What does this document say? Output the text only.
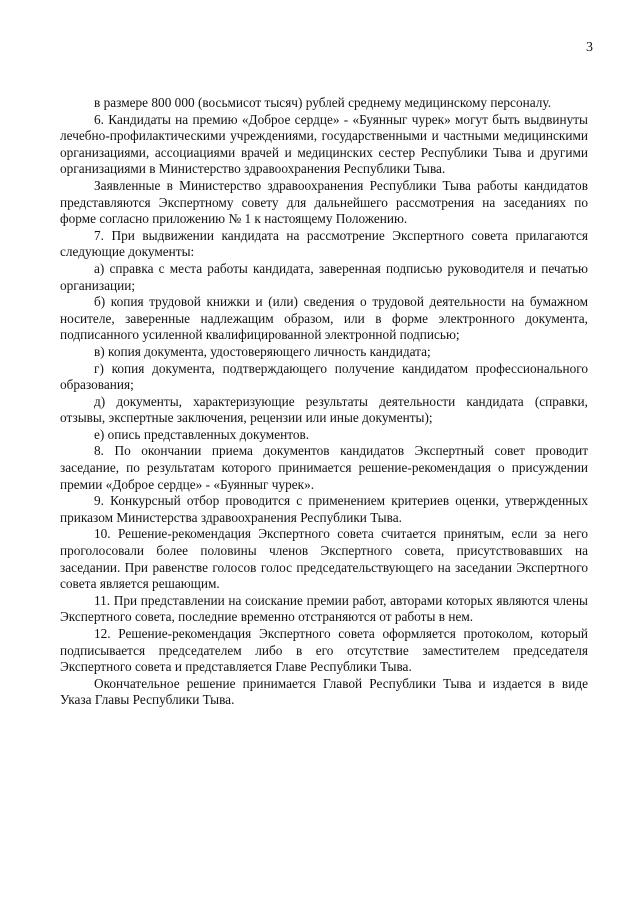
3

в размере 800 000 (восьмисот тысяч) рублей среднему медицинскому персоналу.

6. Кандидаты на премию «Доброе сердце» - «Буянныг чурек» могут быть выдвинуты лечебно-профилактическими учреждениями, государственными и частными медицинскими организациями, ассоциациями врачей и медицинских сестер Республики Тыва и другими организациями в Министерство здравоохранения Республики Тыва.

Заявленные в Министерство здравоохранения Республики Тыва работы кандидатов представляются Экспертному совету для дальнейшего рассмотрения на заседаниях по форме согласно приложению № 1 к настоящему Положению.

7. При выдвижении кандидата на рассмотрение Экспертного совета прилагаются следующие документы:

а) справка с места работы кандидата, заверенная подписью руководителя и печатью организации;

б) копия трудовой книжки и (или) сведения о трудовой деятельности на бумажном носителе, заверенные надлежащим образом, или в форме электронного документа, подписанного усиленной квалифицированной электронной подписью;

в) копия документа, удостоверяющего личность кандидата;

г) копия документа, подтверждающего получение кандидатом профессионального образования;

д) документы, характеризующие результаты деятельности кандидата (справки, отзывы, экспертные заключения, рецензии или иные документы);

е) опись представленных документов.

8. По окончании приема документов кандидатов Экспертный совет проводит заседание, по результатам которого принимается решение-рекомендация о присуждении премии «Доброе сердце» - «Буянныг чурек».

9. Конкурсный отбор проводится с применением критериев оценки, утвержденных приказом Министерства здравоохранения Республики Тыва.

10. Решение-рекомендация Экспертного совета считается принятым, если за него проголосовали более половины членов Экспертного совета, присутствовавших на заседании. При равенстве голосов голос председательствующего на заседании Экспертного совета является решающим.

11. При представлении на соискание премии работ, авторами которых являются члены Экспертного совета, последние временно отстраняются от работы в нем.

12. Решение-рекомендация Экспертного совета оформляется протоколом, который подписывается председателем либо в его отсутствие заместителем председателя Экспертного совета и представляется Главе Республики Тыва.

Окончательное решение принимается Главой Республики Тыва и издается в виде Указа Главы Республики Тыва.
